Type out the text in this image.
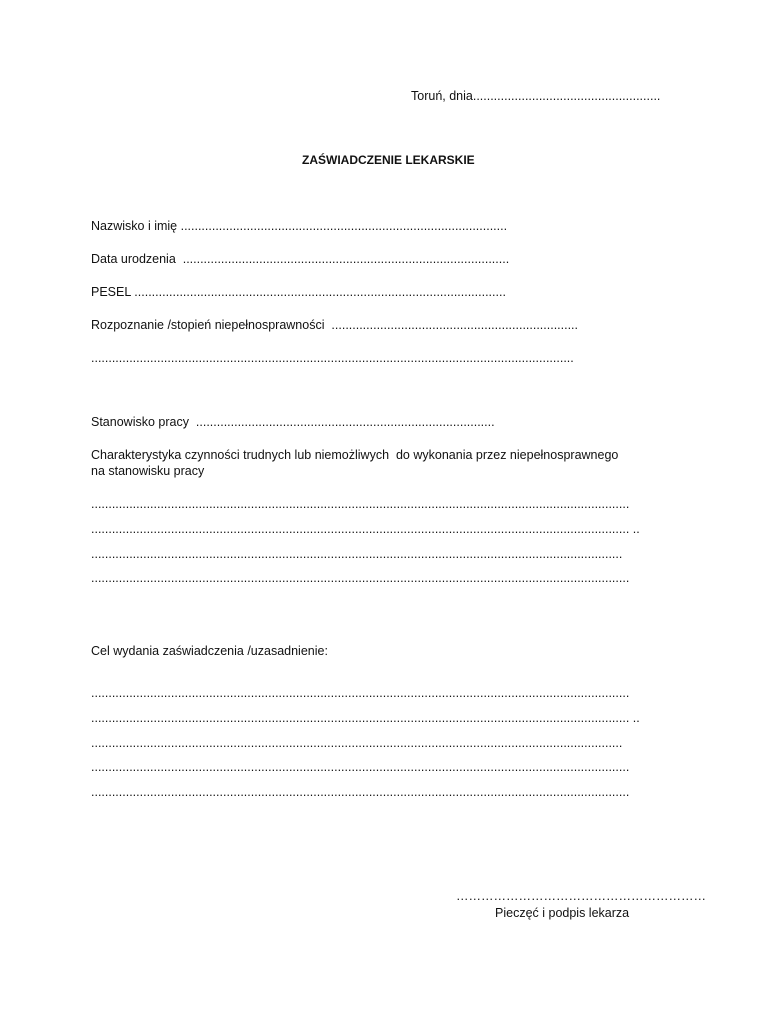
Toruń, dnia......................................................
ZAŚWIADCZENIE LEKARSKIE
Nazwisko i imię ..............................................................................................
Data urodzenia  ..............................................................................................
PESEL ...........................................................................................................
Rozpoznanie /stopień niepełnosprawności  .......................................................................
...........................................................................................................................................
Stanowisko pracy  ......................................................................................
Charakterystyka czynności trudnych lub niemożliwych  do wykonania przez niepełnosprawnego
na stanowisku pracy
...........................................................................................................................................................
........................................................................................................................................................... ..
.........................................................................................................................................................
...........................................................................................................................................................
Cel wydania zaświadczenia /uzasadnienie:
...........................................................................................................................................................
........................................................................................................................................................... ..
.........................................................................................................................................................
...........................................................................................................................................................
...........................................................................................................................................................
……………………………………………………
Pieczęć i podpis lekarza
